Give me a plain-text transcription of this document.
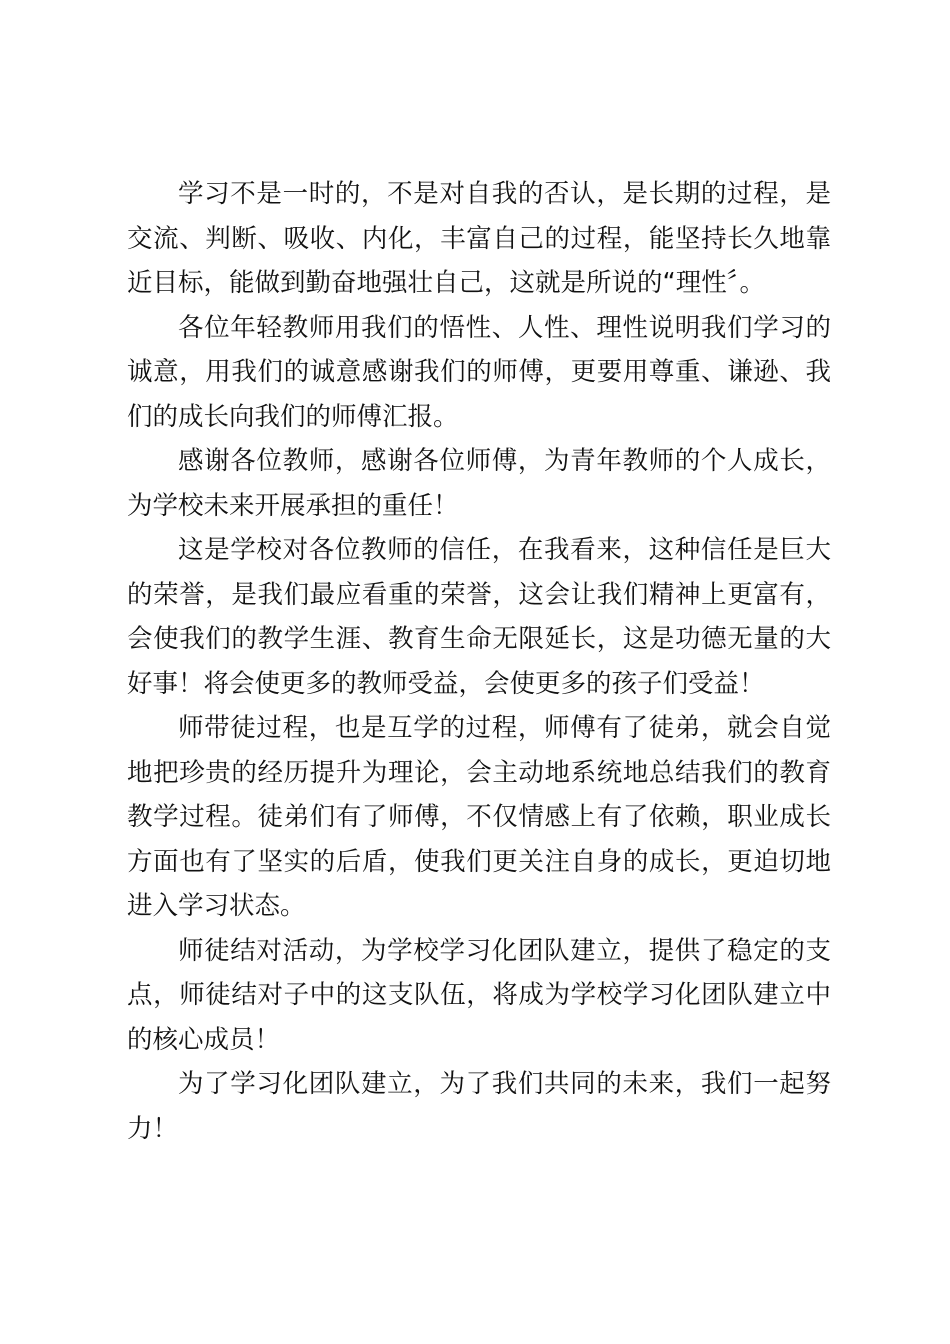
学习不是一时的，不是对自我的否认，是长期的过程，是交流、判断、吸收、内化，丰富自己的过程，能坚持长久地靠近目标，能做到勤奋地强壮自己，这就是所说的“理性〞。

各位年轻教师用我们的悟性、人性、理性说明我们学习的诚意，用我们的诚意感谢我们的师傅，更要用尊重、谦逊、我们的成长向我们的师傅汇报。

感谢各位教师，感谢各位师傅，为青年教师的个人成长，为学校未来开展承担的重任！

这是学校对各位教师的信任，在我看来，这种信任是巨大的荣誉，是我们最应看重的荣誉，这会让我们精神上更富有，会使我们的教学生涯、教育生命无限延长，这是功德无量的大好事！将会使更多的教师受益，会使更多的孩子们受益！

师带徒过程，也是互学的过程，师傅有了徒弟，就会自觉地把珍贵的经历提升为理论，会主动地系统地总结我们的教育教学过程。徒弟们有了师傅，不仅情感上有了依赖，职业成长方面也有了坚实的后盾，使我们更关注自身的成长，更迫切地进入学习状态。

师徒结对活动，为学校学习化团队建立，提供了稳定的支点，师徒结对子中的这支队伍，将成为学校学习化团队建立中的核心成员！

为了学习化团队建立，为了我们共同的未来，我们一起努力！
